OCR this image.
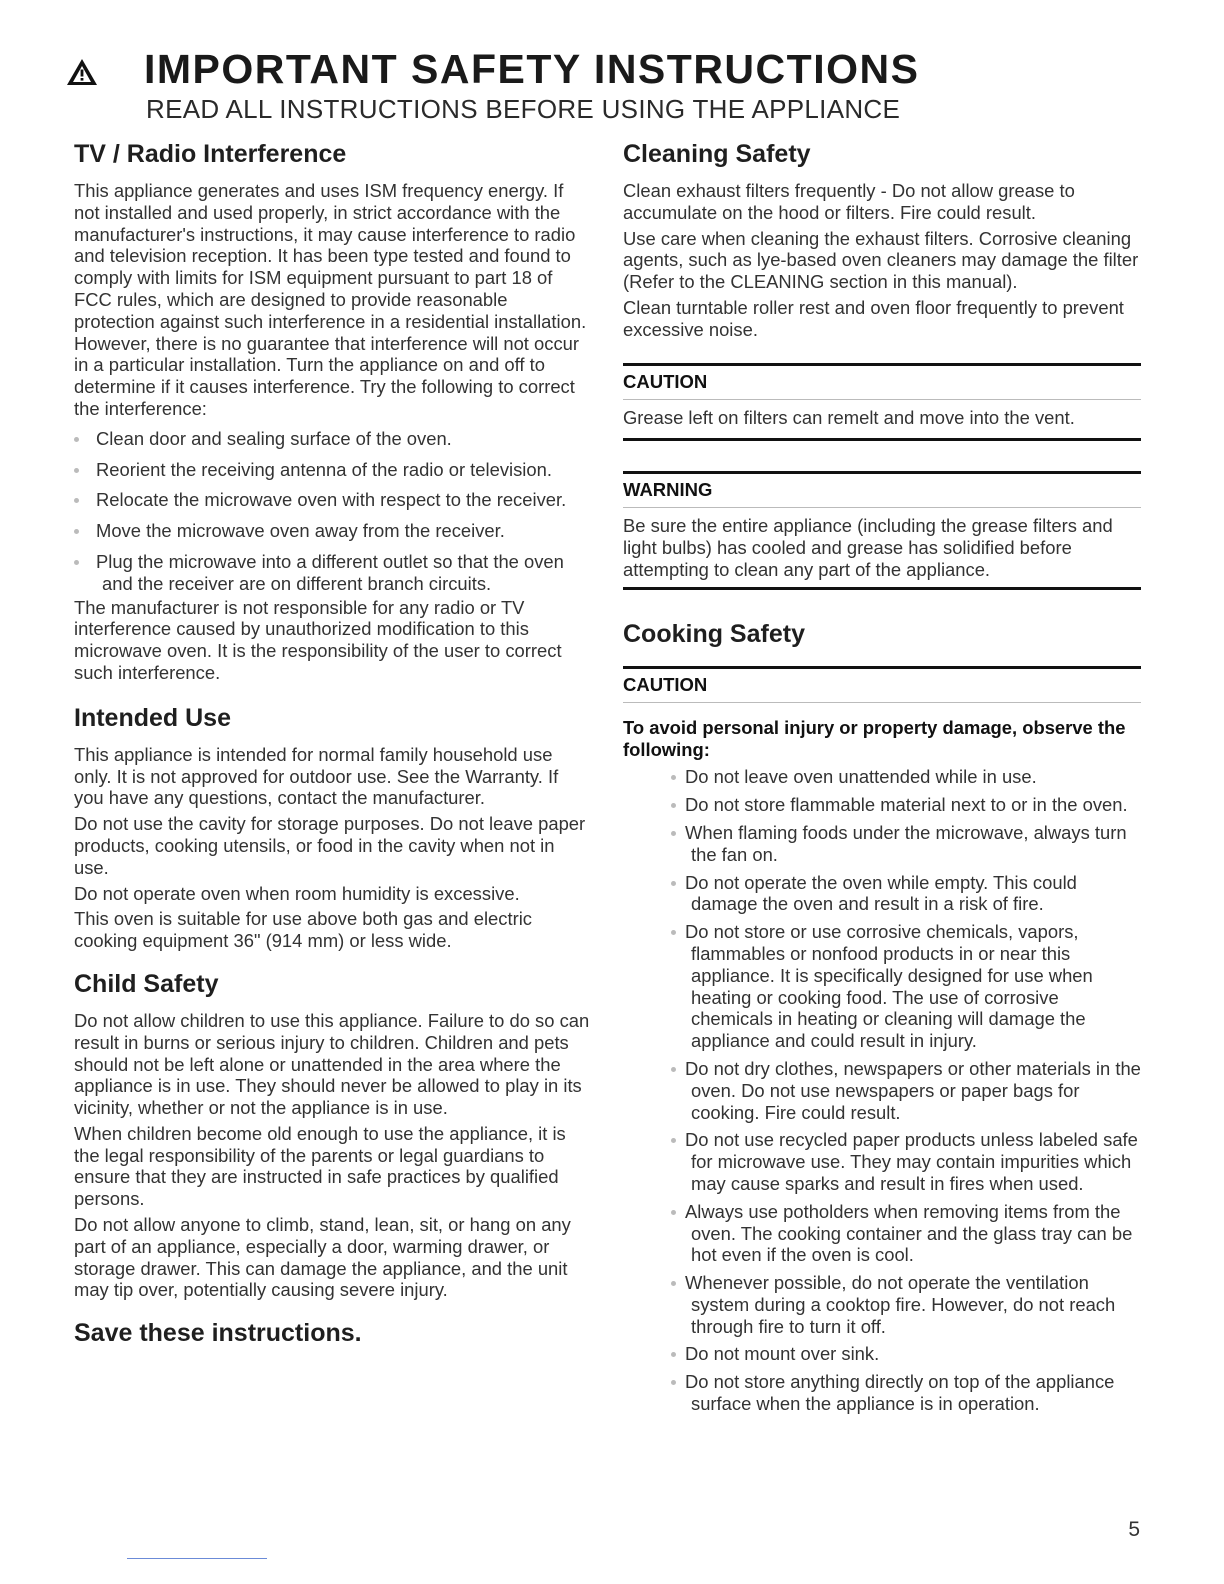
IMPORTANT SAFETY INSTRUCTIONS
READ ALL INSTRUCTIONS BEFORE USING THE APPLIANCE
TV / Radio Interference

This appliance generates and uses ISM frequency energy. If not installed and used properly, in strict accordance with the manufacturer's instructions, it may cause interference to radio and television reception. It has been type tested and found to comply with limits for ISM equipment pursuant to part 18 of FCC rules, which are designed to provide reasonable protection against such interference in a residential installation. However, there is no guarantee that interference will not occur in a particular installation. Turn the appliance on and off to determine if it causes interference. Try the following to correct the interference:

Clean door and sealing surface of the oven.
Reorient the receiving antenna of the radio or television.
Relocate the microwave oven with respect to the receiver.
Move the microwave oven away from the receiver.
Plug the microwave into a different outlet so that the oven and the receiver are on different branch circuits.

The manufacturer is not responsible for any radio or TV interference caused by unauthorized modification to this microwave oven. It is the responsibility of the user to correct such interference.

Intended Use

This appliance is intended for normal family household use only. It is not approved for outdoor use. See the Warranty. If you have any questions, contact the manufacturer.

Do not use the cavity for storage purposes. Do not leave paper products, cooking utensils, or food in the cavity when not in use.

Do not operate oven when room humidity is excessive.

This oven is suitable for use above both gas and electric cooking equipment 36" (914 mm) or less wide.

Child Safety

Do not allow children to use this appliance. Failure to do so can result in burns or serious injury to children. Children and pets should not be left alone or unattended in the area where the appliance is in use. They should never be allowed to play in its vicinity, whether or not the appliance is in use.

When children become old enough to use the appliance, it is the legal responsibility of the parents or legal guardians to ensure that they are instructed in safe practices by qualified persons.

Do not allow anyone to climb, stand, lean, sit, or hang on any part of an appliance, especially a door, warming drawer, or storage drawer. This can damage the appliance, and the unit may tip over, potentially causing severe injury.

Save these instructions.
Cleaning Safety

Clean exhaust filters frequently - Do not allow grease to accumulate on the hood or filters. Fire could result.

Use care when cleaning the exhaust filters. Corrosive cleaning agents, such as lye-based oven cleaners may damage the filter (Refer to the CLEANING section in this manual).

Clean turntable roller rest and oven floor frequently to prevent excessive noise.

CAUTION

Grease left on filters can remelt and move into the vent.

WARNING

Be sure the entire appliance (including the grease filters and light bulbs) has cooled and grease has solidified before attempting to clean any part of the appliance.

Cooking Safety
CAUTION
To avoid personal injury or property damage, observe the following:
Do not leave oven unattended while in use.
Do not store flammable material next to or in the oven.
When flaming foods under the microwave, always turn the fan on.
Do not operate the oven while empty. This could damage the oven and result in a risk of fire.
Do not store or use corrosive chemicals, vapors, flammables or nonfood products in or near this appliance. It is specifically designed for use when heating or cooking food. The use of corrosive chemicals in heating or cleaning will damage the appliance and could result in injury.
Do not dry clothes, newspapers or other materials in the oven. Do not use newspapers or paper bags for cooking. Fire could result.
Do not use recycled paper products unless labeled safe for microwave use. They may contain impurities which may cause sparks and result in fires when used.
Always use potholders when removing items from the oven. The cooking container and the glass tray can be hot even if the oven is cool.
Whenever possible, do not operate the ventilation system during a cooktop fire. However, do not reach through fire to turn it off.
Do not mount over sink.
Do not store anything directly on top of the appliance surface when the appliance is in operation.
5
